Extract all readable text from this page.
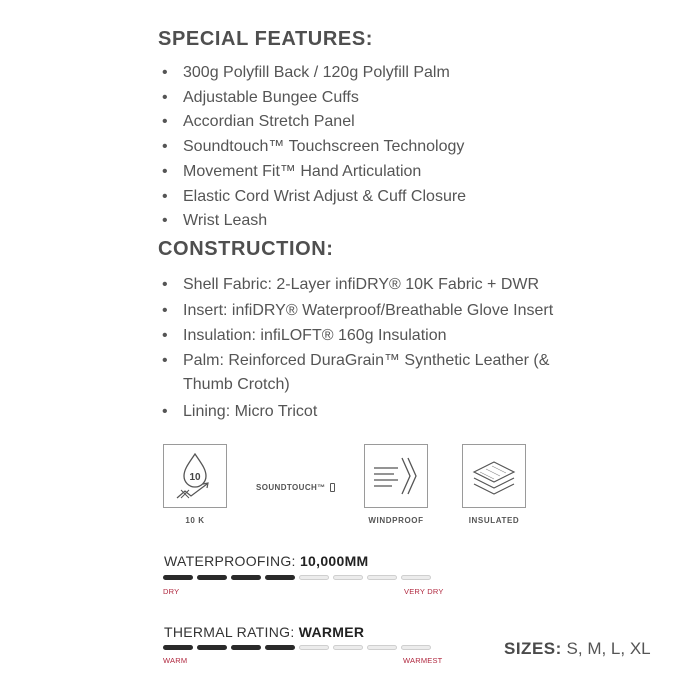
SPECIAL FEATURES:
• 300g Polyfill Back / 120g Polyfill Palm
• Adjustable Bungee Cuffs
• Accordian Stretch Panel
• Soundtouch™ Touchscreen Technology
• Movement Fit™ Hand Articulation
• Elastic Cord Wrist Adjust & Cuff Closure
• Wrist Leash
CONSTRUCTION:
• Shell Fabric: 2-Layer infiDRY® 10K Fabric + DWR
• Insert: infiDRY® Waterproof/Breathable Glove Insert
• Insulation: infiLOFT® 160g Insulation
• Palm: Reinforced DuraGrain™ Synthetic Leather (& Thumb Crotch)
• Lining: Micro Tricot
10
10 K
SOUNDTOUCH™
WINDPROOF	INSULATED
WATERPROOFING: 10,000MM
DRY	VERY DRY
THERMAL RATING: WARMER
WARM	WARMEST
SIZES: S, M, L, XL
